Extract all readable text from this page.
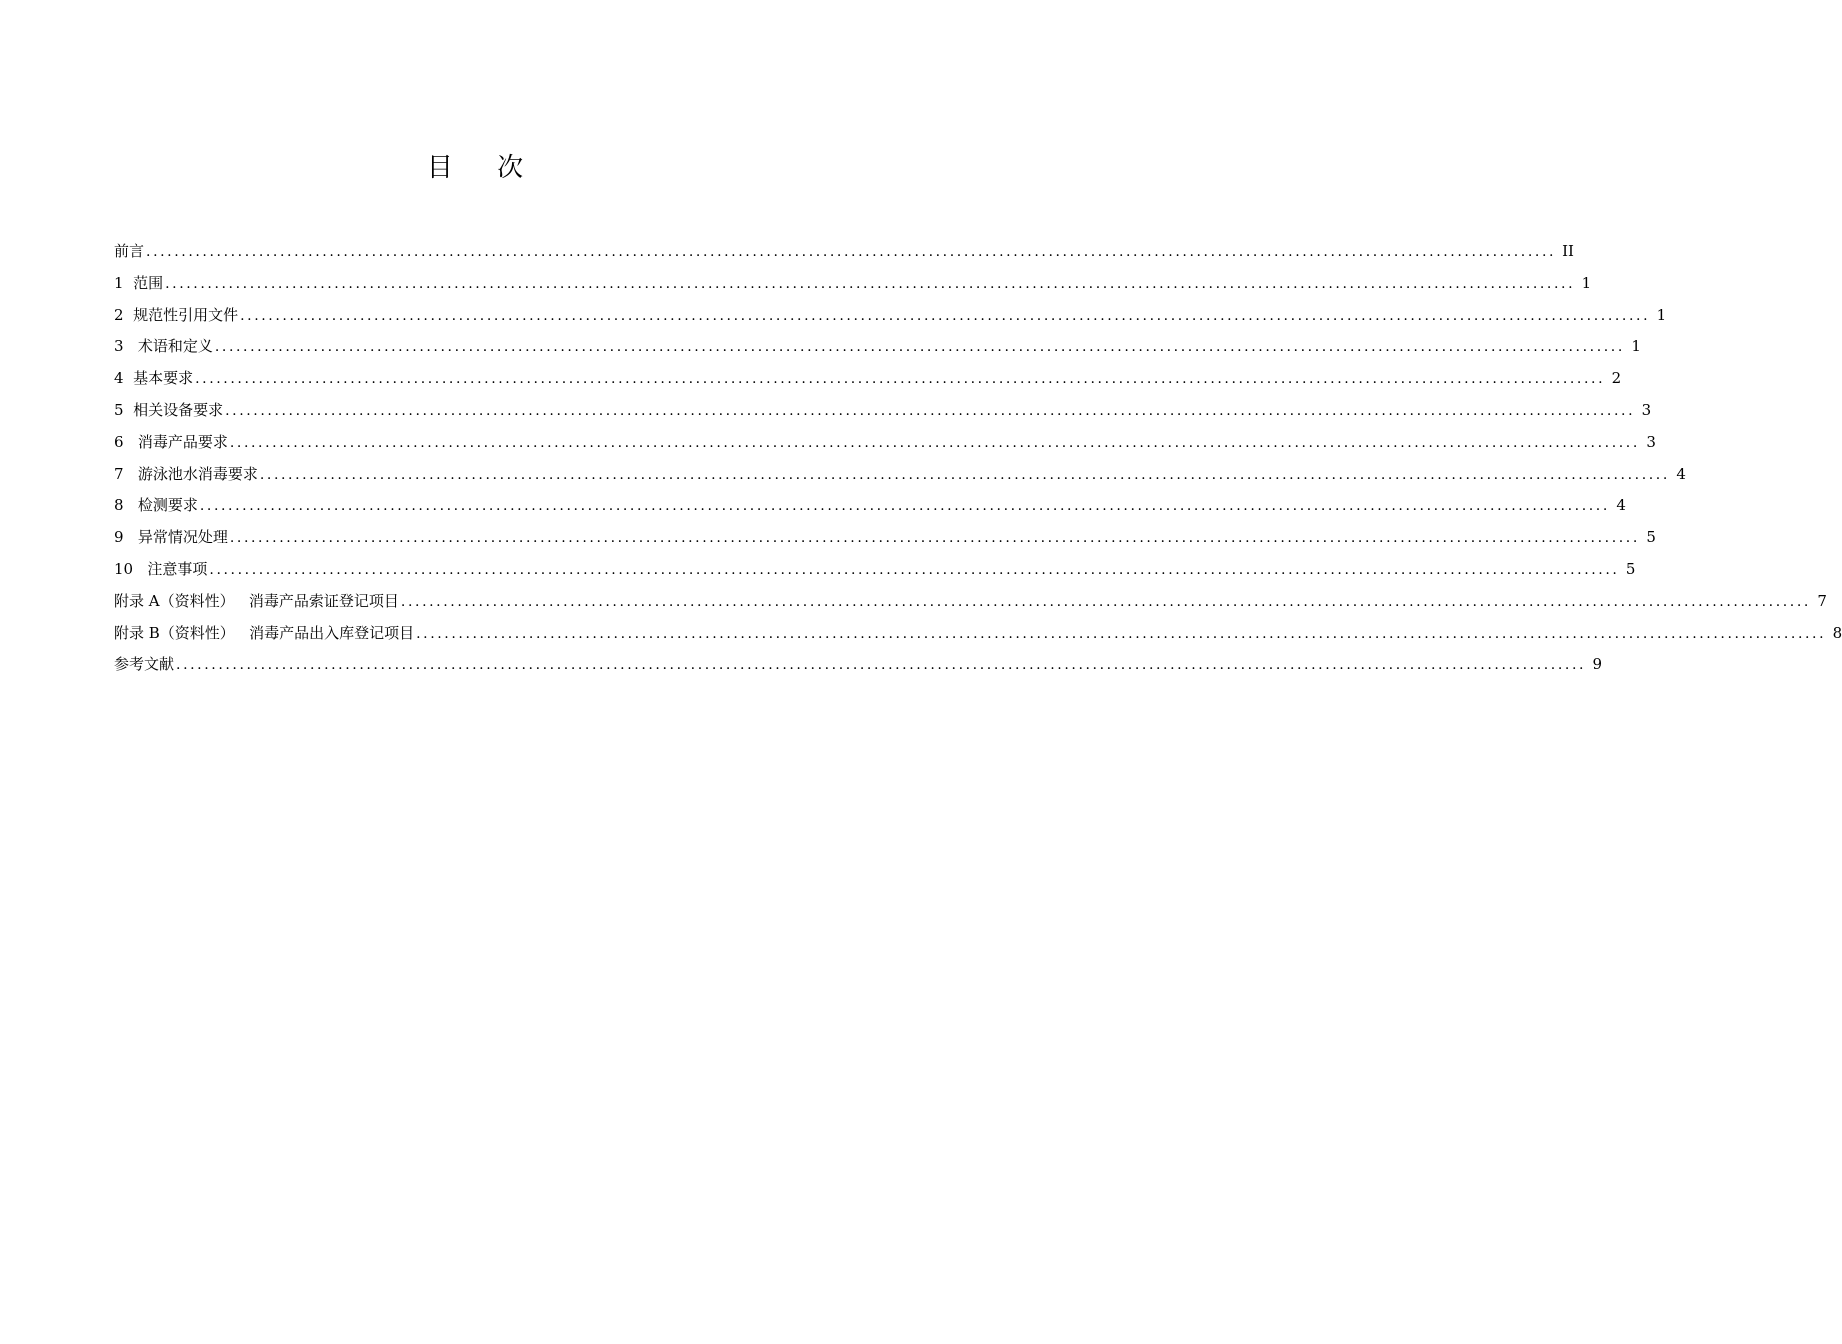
目 次
前言 ........................................................................................................................................................................................................ II
1  范围 ........................................................................................................................................................................................................ 1
2  规范性引用文件 ........................................................................................................................................................................................................ 1
3   术语和定义 ........................................................................................................................................................................................................ 1
4  基本要求 ........................................................................................................................................................................................................ 2
5  相关设备要求 ........................................................................................................................................................................................................ 3
6   消毒产品要求 ........................................................................................................................................................................................................ 3
7   游泳池水消毒要求 ........................................................................................................................................................................................................ 4
8   检测要求 ........................................................................................................................................................................................................ 4
9   异常情况处理 ........................................................................................................................................................................................................ 5
10   注意事项 ........................................................................................................................................................................................................ 5
附录 A（资料性）   消毒产品索证登记项目 ........................................................................................................................................................................................................ 7
附录 B（资料性）   消毒产品出入库登记项目 ........................................................................................................................................................................................................ 8
参考文献 ........................................................................................................................................................................................................ 9
